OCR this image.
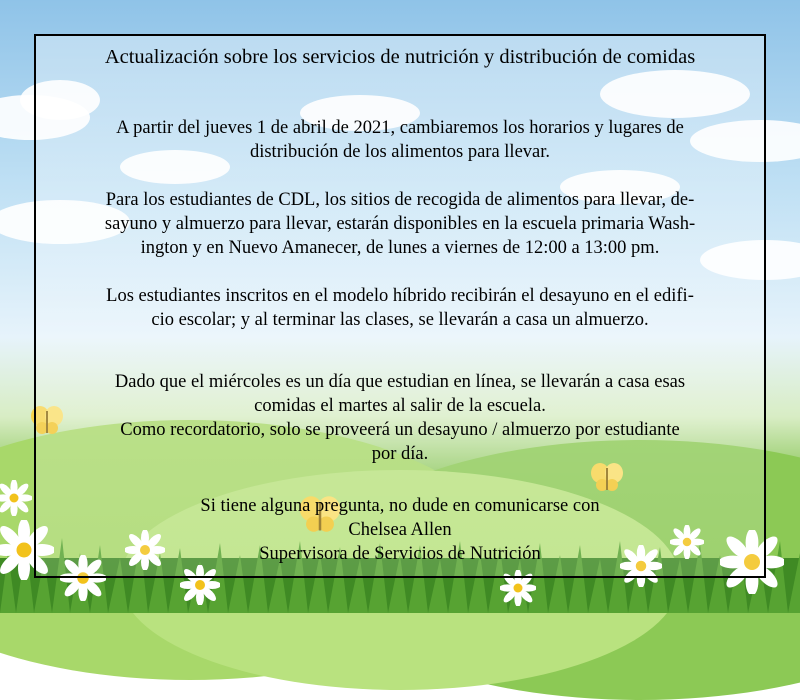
Actualización sobre los servicios de nutrición y distribución de comidas
A partir del jueves 1 de abril de 2021, cambiaremos los horarios y lugares de
distribución de los alimentos para llevar.
Para los estudiantes de CDL, los sitios de recogida de alimentos para llevar, de-
sayuno y almuerzo para llevar, estarán disponibles en la escuela primaria Wash-
ington y en Nuevo Amanecer, de lunes a viernes de 12:00 a 13:00 pm.
Los estudiantes inscritos en el modelo híbrido recibirán el desayuno en el edifi-
cio escolar; y al terminar las clases, se llevarán a casa un almuerzo.
Dado que el miércoles es un día que estudian en línea, se llevarán a casa esas
comidas el martes al salir de la escuela.
Como recordatorio, solo se proveerá un desayuno / almuerzo por estudiante
por día.
Si tiene alguna pregunta, no dude en comunicarse con
Chelsea Allen
Supervisora de Servicios de Nutrición
